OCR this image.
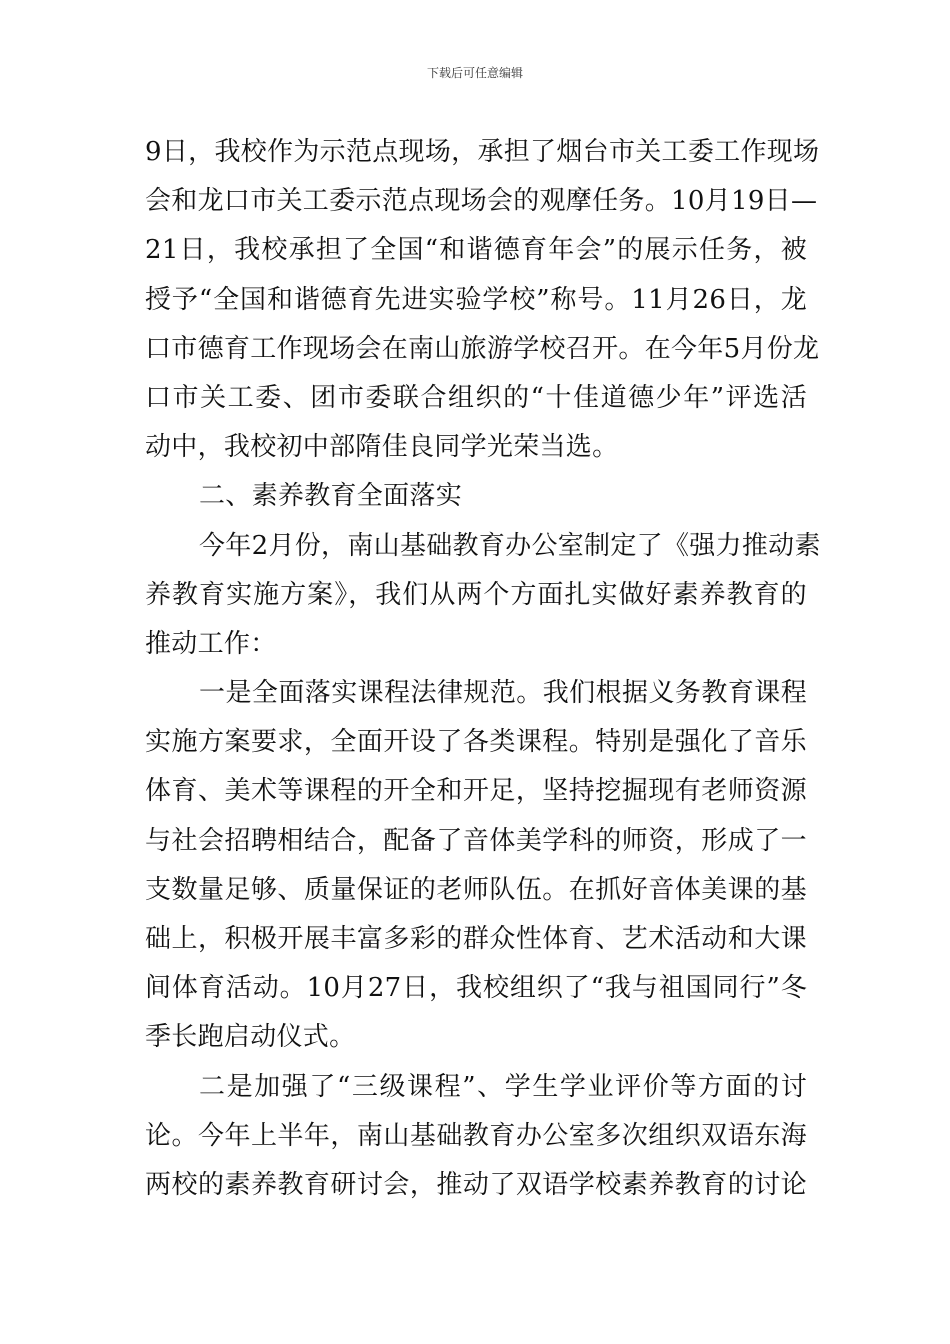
下载后可任意编辑
9日，我校作为示范点现场，承担了烟台市关工委工作现场
会和龙口市关工委示范点现场会的观摩任务。10月19日—
21日，我校承担了全国“和谐德育年会”的展示任务，被
授予“全国和谐德育先进实验学校”称号。11月26日，龙
口市德育工作现场会在南山旅游学校召开。在今年5月份龙
口市关工委、团市委联合组织的“十佳道德少年”评选活
动中，我校初中部隋佳良同学光荣当选。
二、素养教育全面落实
今年2月份，南山基础教育办公室制定了《强力推动素
养教育实施方案》，我们从两个方面扎实做好素养教育的
推动工作：
一是全面落实课程法律规范。我们根据义务教育课程
实施方案要求，全面开设了各类课程。特别是强化了音乐
体育、美术等课程的开全和开足，坚持挖掘现有老师资源
与社会招聘相结合，配备了音体美学科的师资，形成了一
支数量足够、质量保证的老师队伍。在抓好音体美课的基
础上，积极开展丰富多彩的群众性体育、艺术活动和大课
间体育活动。10月27日，我校组织了“我与祖国同行”冬
季长跑启动仪式。
二是加强了“三级课程”、学生学业评价等方面的讨
论。今年上半年，南山基础教育办公室多次组织双语东海
两校的素养教育研讨会，推动了双语学校素养教育的讨论
